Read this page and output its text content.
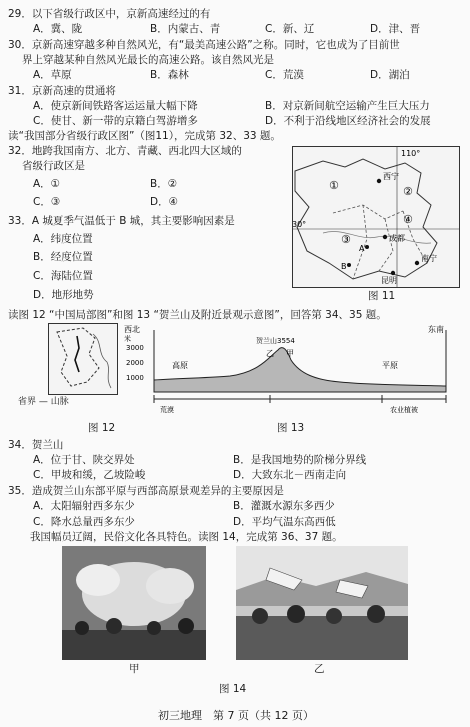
29．以下省级行政区中，京新高速经过的有
A．冀、陇	B．内蒙古、青	C．新、辽	D．津、晋
30．京新高速穿越多种自然风光，有“最美高速公路”之称。同时，它也成为了目前世
界上穿越某种自然风光最长的高速公路。该自然风光是
A．草原	B．森林	C．荒漠	D．湖泊
31．京新高速的贯通将
A．使京新间铁路客运运量大幅下降	B．对京新间航空运输产生巨大压力
C．使甘、新一带的京籍白驾游增多	D．不利于沿线地区经济社会的发展
读“我国部分省级行政区图”（图11），完成第 32、33 题。
32．地跨我国南方、北方、青藏、西北四大区域的
省级行政区是
A．①	B．②
C．③	D．④
33．A 城夏季气温低于 B 城，其主要影响因素是
A．纬度位置
B．经度位置
C．海陆位置
D．地形地势
110°
30°
①	②
③
④
西宁
成都
昆明
南宁
A
B
图 11
读图 12 “中国局部图”和图 13 “贺兰山及附近景观示意图”，回答第 34、35 题。
省界 — 山脉
图 12
西北
米
东南
3000
2000
1000
贺兰山3554
乙 甲
高原	平原
荒漠	农业植被
图 13
34．贺兰山
A．位于甘、陕交界处	B．是我国地势的阶梯分界线
C．甲坡和缓，乙坡险峻	D．大致东北－西南走向
35．造成贺兰山东部平原与西部高原景观差异的主要原因是
A．太阳辐射西多东少	B．灌溉水源东多西少
C．降水总量西多东少	D．平均气温东高西低
我国幅员辽阔，民俗文化各具特色。读图 14，完成第 36、37 题。
甲	乙
图 14
初三地理　第 7 页（共 12 页）
